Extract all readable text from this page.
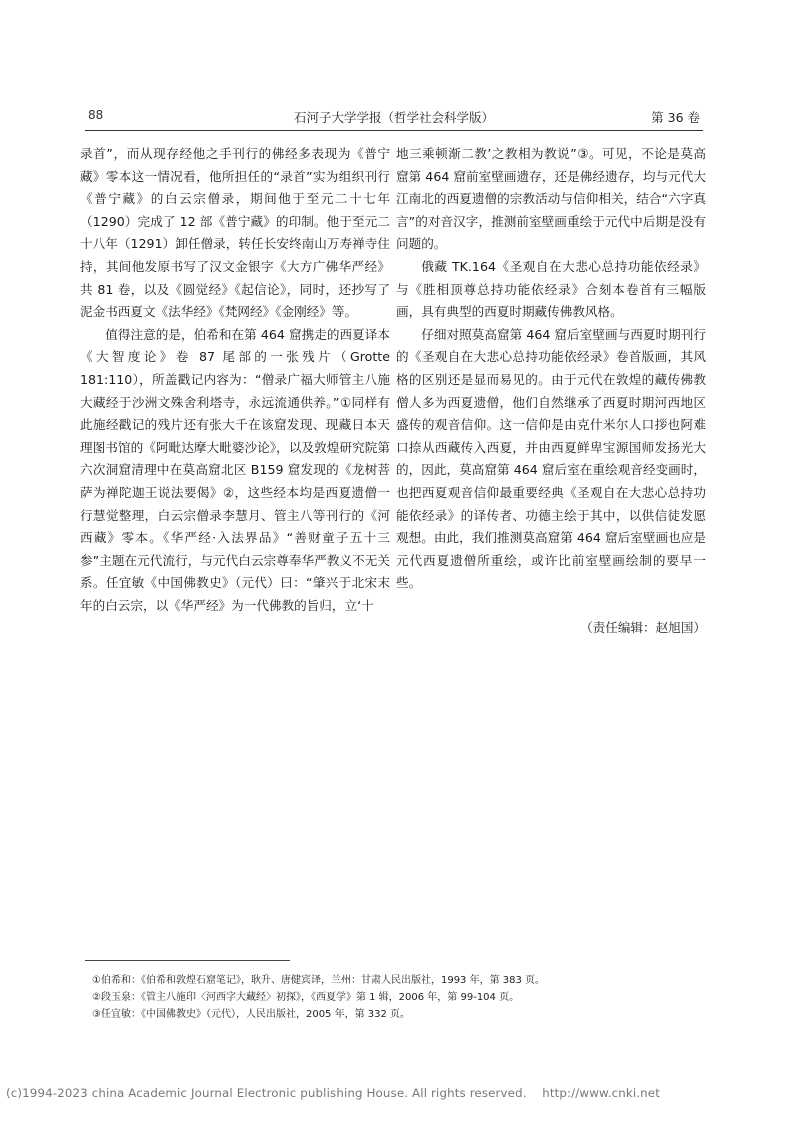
88	石河子大学学报（哲学社会科学版）	第 36 卷

录首”，而从现存经他之手刊行的佛经多表现为《普宁藏》零本这一情况看，他所担任的“录首”实为组织刊行《普宁藏》的白云宗僧录，期间他于至元二十七年（1290）完成了 12 部《普宁藏》的印制。他于至元二十八年（1291）卸任僧录，转任长安终南山万寿禅寺住持，其间他发原书写了汉文金银字《大方广佛华严经》共 81 卷，以及《圆觉经》《起信论》，同时，还抄写了泥金书西夏文《法华经》《梵网经》《金刚经》等。

值得注意的是，伯希和在第 464 窟携走的西夏译本《大智度论》卷 87 尾部的一张残片（Grotte 181:110），所盖戳记内容为：“僧录广福大师管主八施大藏经于沙洲文殊舍利塔寺，永远流通供养。”①同样有此施经戳记的残片还有张大千在该窟发现、现藏日本天理图书馆的《阿毗达摩大毗婆沙论》，以及敦煌研究院第六次洞窟清理中在莫高窟北区 B159 窟发现的《龙树菩萨为禅陀迦王说法要偈》②，这些经本均是西夏遗僧一行慧觉整理，白云宗僧录李慧月、管主八等刊行的《河西藏》零本。《华严经·入法界品》“善财童子五十三参”主题在元代流行，与元代白云宗尊奉华严教义不无关系。任宜敏《中国佛教史》（元代）曰：“肇兴于北宋末年的白云宗，以《华严经》为一代佛教的旨归，立‘十

地三乘顿渐二教’之教相为教说”③。可见，不论是莫高窟第 464 窟前室壁画遗存，还是佛经遗存，均与元代大江南北的西夏遗僧的宗教活动与信仰相关，结合“六字真言”的对音汉字，推测前室壁画重绘于元代中后期是没有问题的。

俄藏 TK.164《圣观自在大悲心总持功能依经录》与《胜相顶尊总持功能依经录》合刻本卷首有三幅版画，具有典型的西夏时期藏传佛教风格。

仔细对照莫高窟第 464 窟后室壁画与西夏时期刊行的《圣观自在大悲心总持功能依经录》卷首版画，其风格的区别还是显而易见的。由于元代在敦煌的藏传佛教僧人多为西夏遗僧，他们自然继承了西夏时期河西地区盛传的观音信仰。这一信仰是由克什米尔人口拶也阿难口捺从西藏传入西夏，并由西夏鲜卑宝源国师发扬光大的，因此，莫高窟第 464 窟后室在重绘观音经变画时，也把西夏观音信仰最重要经典《圣观自在大悲心总持功能依经录》的译传者、功德主绘于其中，以供信徒发愿观想。由此，我们推测莫高窟第 464 窟后室壁画也应是元代西夏遗僧所重绘，或许比前室壁画绘制的要早一些。

（责任编辑：赵旭国）
①伯希和：《伯希和敦煌石窟笔记》，耿升、唐健宾译，兰州：甘肃人民出版社，1993 年，第 383 页。
②段玉泉：《管主八施印〈河西字大藏经〉初探》，《西夏学》第 1 辑，2006 年，第 99-104 页。
③任宜敏：《中国佛教史》（元代），人民出版社，2005 年，第 332 页。
(c)1994-2023 china Academic Journal Electronic publishing House. All rights reserved. http://www.cnki.net
